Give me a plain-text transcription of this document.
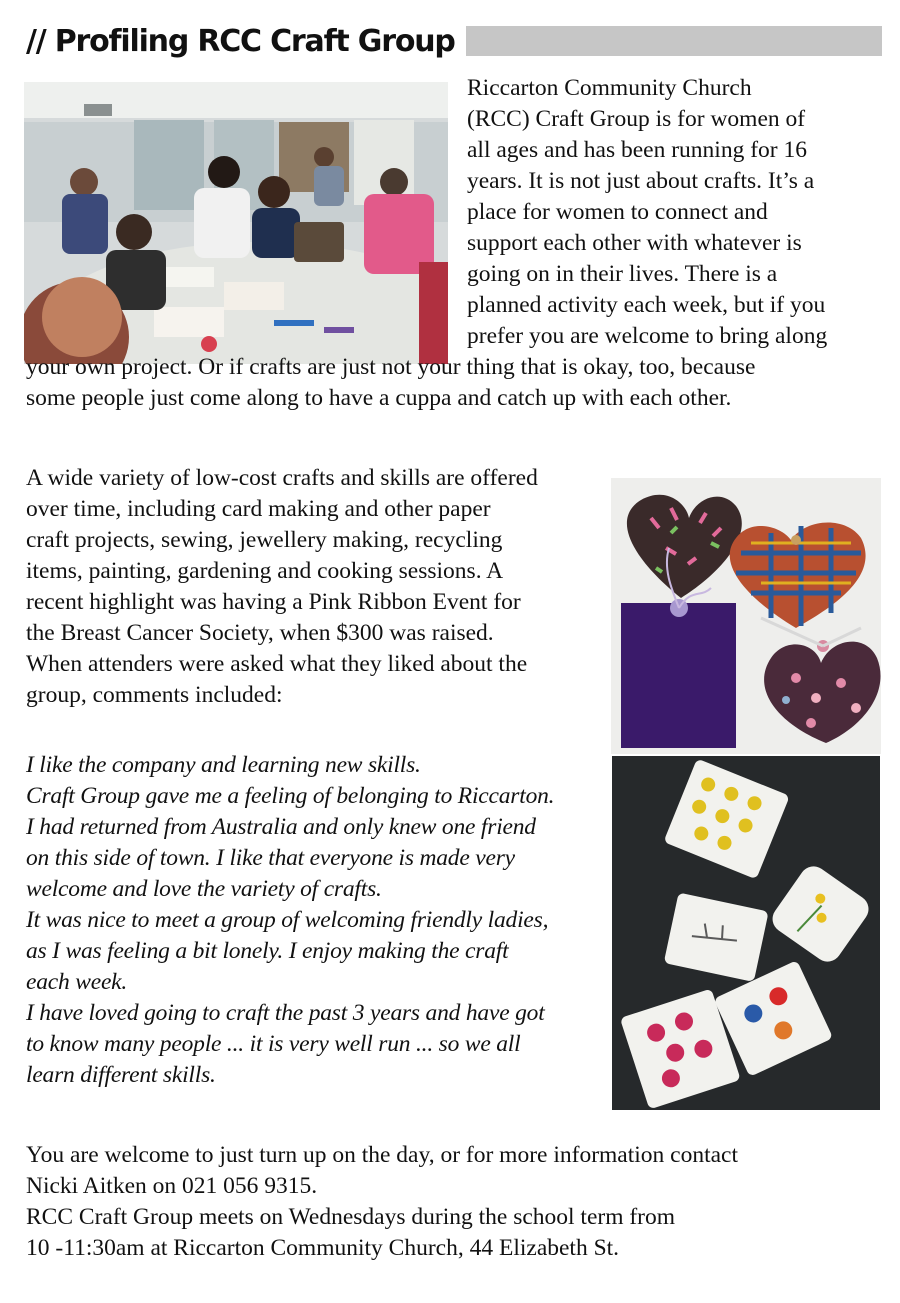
// Profiling RCC Craft Group
Riccarton Community Church
(RCC) Craft Group is for women of
all ages and has been running for 16
years. It is not just about crafts. It’s a
place for women to connect and
support each other with whatever is
going on in their lives. There is a
planned activity each week, but if you
prefer you are welcome to bring along
your own project. Or if crafts are just not your thing that is okay, too, because
some people just come along to have a cuppa and catch up with each other.
A wide variety of low-cost crafts and skills are offered
over time, including card making and other paper
craft projects, sewing, jewellery making, recycling
items, painting, gardening and cooking sessions. A
recent highlight was having a Pink Ribbon Event for
the Breast Cancer Society, when $300 was raised.
When attenders were asked what they liked about the
group, comments included:
I like the company and learning new skills.
Craft Group gave me a feeling of belonging to Riccarton.
I had returned from Australia and only knew one friend
on this side of town. I like that everyone is made very
welcome and love the variety of crafts.
It was nice to meet a group of welcoming friendly ladies,
as I was feeling a bit lonely. I enjoy making the craft
each week.
I have loved going to craft the past 3 years and have got
to know many people ... it is very well run ... so we all
learn different skills.
You are welcome to just turn up on the day, or for more information contact
Nicki Aitken on 021 056 9315.
RCC Craft Group meets on Wednesdays during the school term from
10 -11:30am at Riccarton Community Church, 44 Elizabeth St.
